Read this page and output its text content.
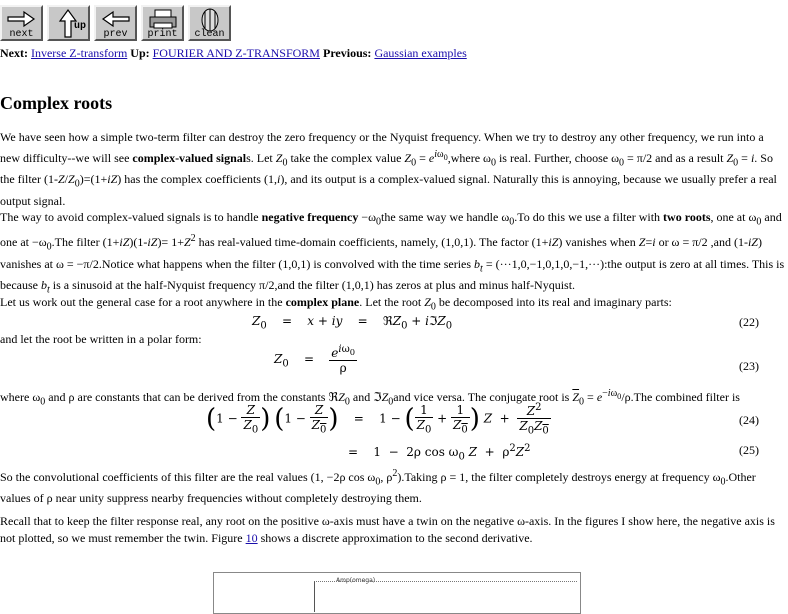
next
up
prev	print	clean
Next: Inverse Z-transform Up: FOURIER AND Z-TRANSFORM Previous: Gaussian examples
Complex roots

We have seen how a simple two-term filter can destroy the zero frequency or the Nyquist frequency. When we try to destroy any other frequency, we run into a new difficulty--we will see complex-valued signals. Let $Z_0$ take the complex value $Z_0$ = $e^{i\omega_0},where$ $\omega_0$ is real. Further, choose $\omega_0 = \pi/2$ and as a result $Z_0 = i$. So the filter $(1-Z/Z_0)=(1+iZ)$ has the complex coefficients (1,i), and its output is a complex-valued signal. Naturally this is annoying, because we usually prefer a real output signal.

The way to avoid complex-valued signals is to handle negative frequency $-\omega_0the$ same way we handle $\omega_0.To$ do this we use a filter with two roots, one at $\omega_0$ and one at $-\omega_0.The$ filter $(1+iZ)(1-iZ)= 1+Z^2$ has real-valued time-domain coefficients, namely, (1,0,1). The factor (1+iZ) vanishes when Z=i or ω = π/2 ,and (1-iZ) vanishes at ω = −π/2.Notice what happens when the filter (1,0,1) is convolved with the time series $b_t$ = (···1,0,−1,0,1,0,−1,···):the output is zero at all times. This is because $b_t$ is a sinusoid at the half-Nyquist frequency π/2,and the filter (1,0,1) has zeros at plus and minus half-Nyquist.

Let us work out the general case for a root anywhere in the complex plane. Let the root $Z_0$ be decomposed into its real and imaginary parts:

$Z_0$    =    x + iy    =    ℜZ$_0$ + iℑZ$_0$	(22)

and let the root be written in a polar form:

$Z_0$    = $\frac{e^{i\omega_0}}{\rho}$	(23)

where $\omega_0$ and ρ are constants that can be derived from the constants ℜZ$_0$ and ℑZ$_0$and vice versa. The conjugate root is $\overline{Z}_0 = e^{-i\omega_0}/\rho.The$ combined filter is

($1 - \frac{Z}{Z_0}$ ) ($1 - \frac{Z}{Z_0}$ )    =    1 − ( $\frac{1}{Z_0} + \frac{1}{Z_0}$ ) $Z + \frac{Z^2}{Z_0Z_0}$	(24)
=    1  −  2ρ $\cos \omega_0$ $Z + \rho^2Z^2$	(25)

So the convolutional coefficients of this filter are the real values (1, −2ρ $\cos \omega_0$, $\rho^2).Taking$ ρ = 1, the filter completely destroys energy at frequency $\omega_0.Other$ values of ρ near unity suppress nearby frequencies without completely destroying them.

Recall that to keep the filter response real, any root on the positive ω-axis must have a twin on the negative ω-axis. In the figures I show here, the negative axis is not plotted, so we must remember the twin. Figure 10 shows a discrete approximation to the second derivative.

Amp(omega)
